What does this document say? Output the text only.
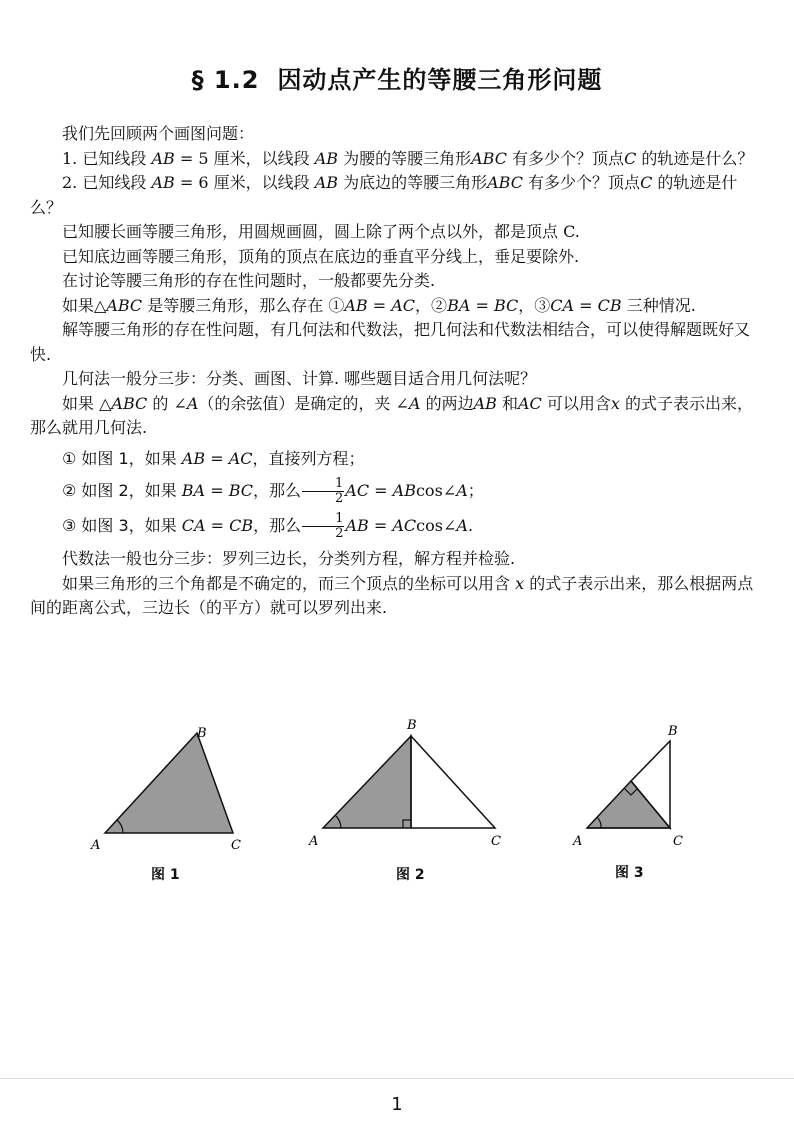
§ 1.2 因动点产生的等腰三角形问题

我们先回顾两个画图问题：

1. 已知线段 AB = 5 厘米，以线段 AB 为腰的等腰三角形ABC 有多少个？顶点C 的轨迹是什么？

2. 已知线段 AB = 6 厘米，以线段 AB 为底边的等腰三角形ABC 有多少个？顶点C 的轨迹是什么？

已知腰长画等腰三角形，用圆规画圆，圆上除了两个点以外，都是顶点 C.

已知底边画等腰三角形，顶角的顶点在底边的垂直平分线上，垂足要除外.

在讨论等腰三角形的存在性问题时，一般都要先分类.

如果△ABC 是等腰三角形，那么存在 ①AB = AC，②BA = BC，③CA = CB 三种情况.

解等腰三角形的存在性问题，有几何法和代数法，把几何法和代数法相结合，可以使得解题既好又快.

几何法一般分三步：分类、画图、计算. 哪些题目适合用几何法呢？

如果 △ABC 的 ∠A（的余弦值）是确定的，夹 ∠A 的两边AB 和AC 可以用含x 的式子表示出来，那么就用几何法.

① 如图 1，如果 AB = AC，直接列方程；

② 如图 2，如果 BA = BC，那么 $\frac{1}{2}$ AC = ABcos∠A；

③ 如图 3，如果 CA = CB，那么 $\frac{1}{2}$ AB = ACcos∠A.

代数法一般也分三步：罗列三边长，分类列方程，解方程并检验.

如果三角形的三个角都是不确定的，而三个顶点的坐标可以用含 x 的式子表示出来，那么根据两点间的距离公式，三边长（的平方）就可以罗列出来.

A
B
C
图 1
A
B
C
图 2
A
B
C
图 3
1
